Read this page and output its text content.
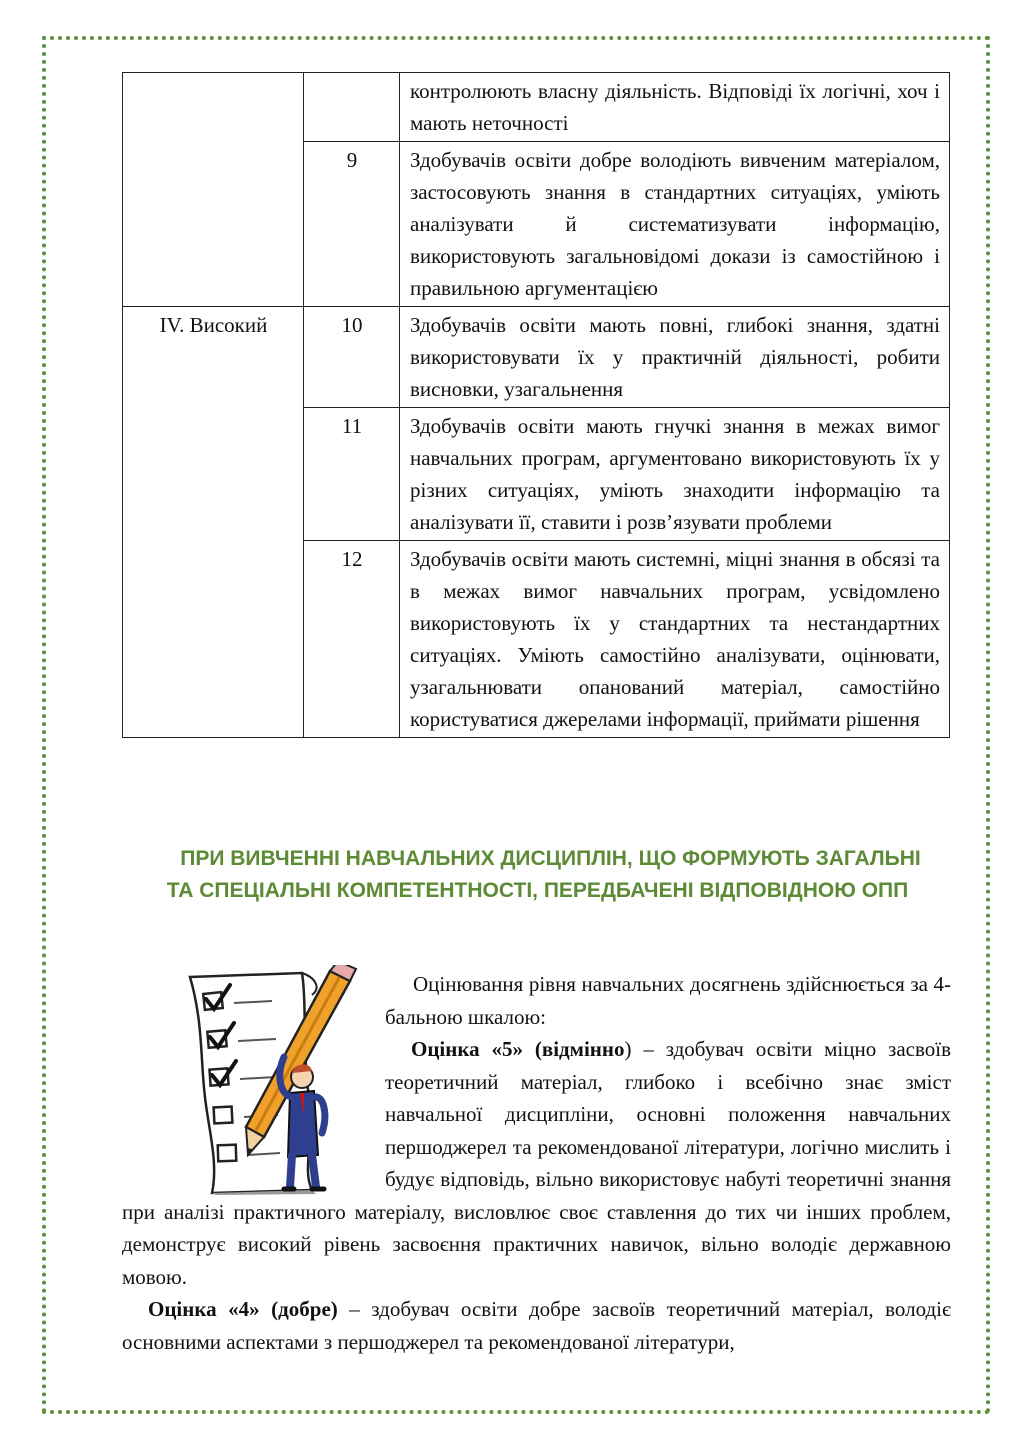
		контролюють власну діяльність. Відповіді їх логічні, хоч і мають неточності
	9	Здобувачів освіти добре володіють вивченим матеріалом, застосовують знання в стандартних ситуаціях, уміють аналізувати й систематизувати інформацію, використовують загальновідомі докази із самостійною і правильною аргументацією
IV. Високий	10	Здобувачів освіти мають повні, глибокі знання, здатні використовувати їх у практичній діяльності, робити висновки, узагальнення
	11	Здобувачів освіти мають гнучкі знання в межах вимог навчальних програм, аргументовано використовують їх у різних ситуаціях, уміють знаходити інформацію та аналізувати її, ставити і розв’язувати проблеми
	12	Здобувачів освіти мають системні, міцні знання в обсязі та в межах вимог навчальних програм, усвідомлено використовують їх у стандартних та нестандартних ситуаціях. Уміють самостійно аналізувати, оцінювати, узагальнювати опанований матеріал, самостійно користуватися джерелами інформації, приймати рішення
ПРИ ВИВЧЕННІ НАВЧАЛЬНИХ ДИСЦИПЛІН, ЩО ФОРМУЮТЬ ЗАГАЛЬНІ ТА СПЕЦІАЛЬНІ КОМПЕТЕНТНОСТІ, ПЕРЕДБАЧЕНІ ВІДПОВІДНОЮ ОПП

Оцінювання рівня навчальних досягнень здійснюється за 4-бальною шкалою:

Оцінка «5» (відмінно) – здобувач освіти міцно засвоїв теоретичний матеріал, глибоко і всебічно знає зміст навчальної дисципліни, основні положення навчальних першоджерел та рекомендованої літератури, логічно мислить і будує відповідь, вільно використовує набуті теоретичні знання при аналізі практичного матеріалу, висловлює своє ставлення до тих чи інших проблем, демонструє високий рівень засвоєння практичних навичок, вільно володіє державною мовою.

Оцінка «4» (добре) – здобувач освіти добре засвоїв теоретичний матеріал, володіє основними аспектами з першоджерел та рекомендованої літератури,
